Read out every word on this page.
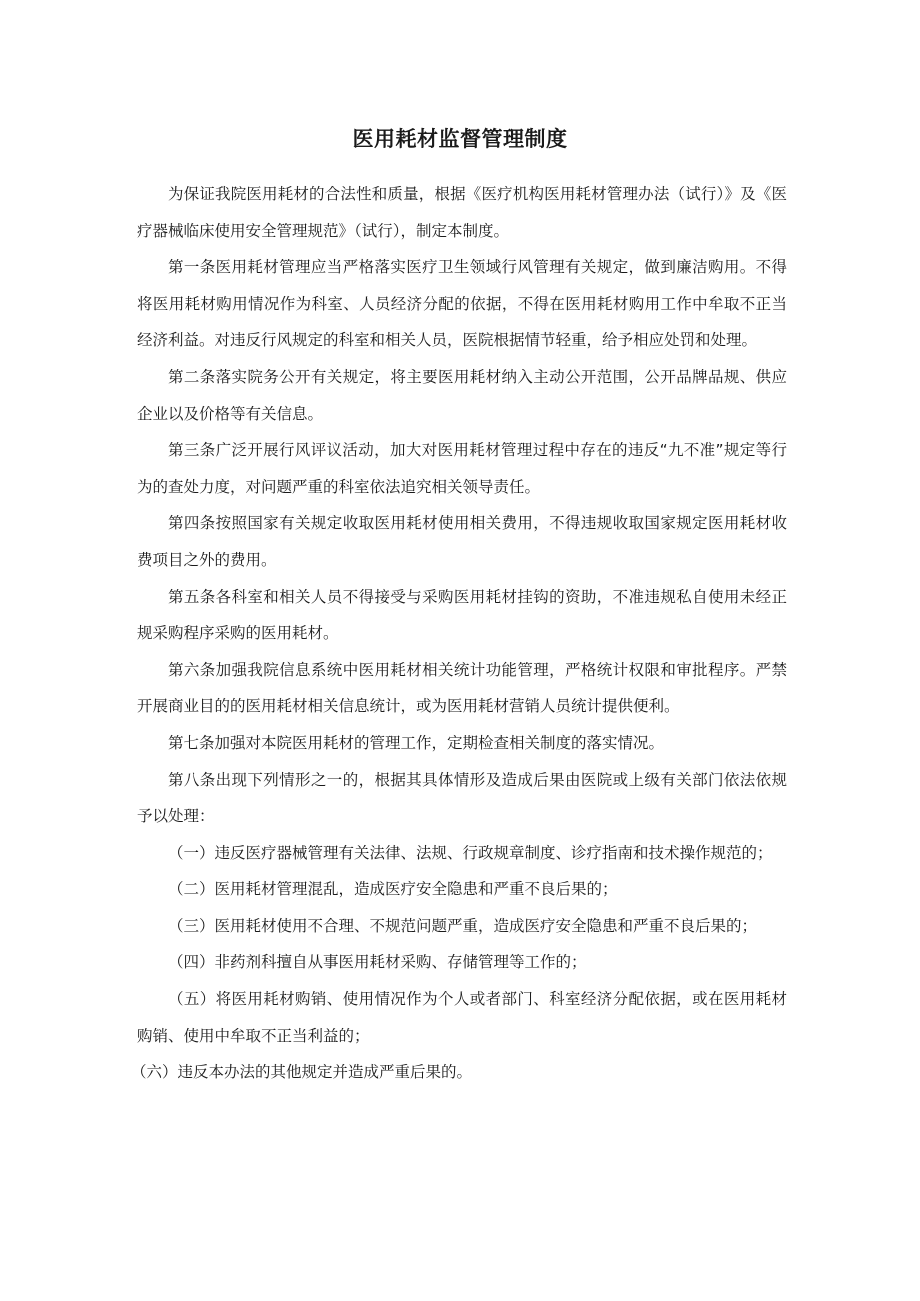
医用耗材监督管理制度

为保证我院医用耗材的合法性和质量，根据《医疗机构医用耗材管理办法（试行）》及《医疗器械临床使用安全管理规范》（试行），制定本制度。

第一条医用耗材管理应当严格落实医疗卫生领域行风管理有关规定，做到廉洁购用。不得将医用耗材购用情况作为科室、人员经济分配的依据，不得在医用耗材购用工作中牟取不正当经济利益。对违反行风规定的科室和相关人员，医院根据情节轻重，给予相应处罚和处理。

第二条落实院务公开有关规定，将主要医用耗材纳入主动公开范围，公开品牌品规、供应企业以及价格等有关信息。

第三条广泛开展行风评议活动，加大对医用耗材管理过程中存在的违反“九不准”规定等行为的查处力度，对问题严重的科室依法追究相关领导责任。

第四条按照国家有关规定收取医用耗材使用相关费用，不得违规收取国家规定医用耗材收费项目之外的费用。

第五条各科室和相关人员不得接受与采购医用耗材挂钩的资助，不准违规私自使用未经正规采购程序采购的医用耗材。

第六条加强我院信息系统中医用耗材相关统计功能管理，严格统计权限和审批程序。严禁开展商业目的的医用耗材相关信息统计，或为医用耗材营销人员统计提供便利。

第七条加强对本院医用耗材的管理工作，定期检查相关制度的落实情况。

第八条出现下列情形之一的，根据其具体情形及造成后果由医院或上级有关部门依法依规予以处理：

（一）违反医疗器械管理有关法律、法规、行政规章制度、诊疗指南和技术操作规范的；

（二）医用耗材管理混乱，造成医疗安全隐患和严重不良后果的；

（三）医用耗材使用不合理、不规范问题严重，造成医疗安全隐患和严重不良后果的；

（四）非药剂科擅自从事医用耗材采购、存储管理等工作的；

（五）将医用耗材购销、使用情况作为个人或者部门、科室经济分配依据，或在医用耗材购销、使用中牟取不正当利益的；

（六）违反本办法的其他规定并造成严重后果的。
